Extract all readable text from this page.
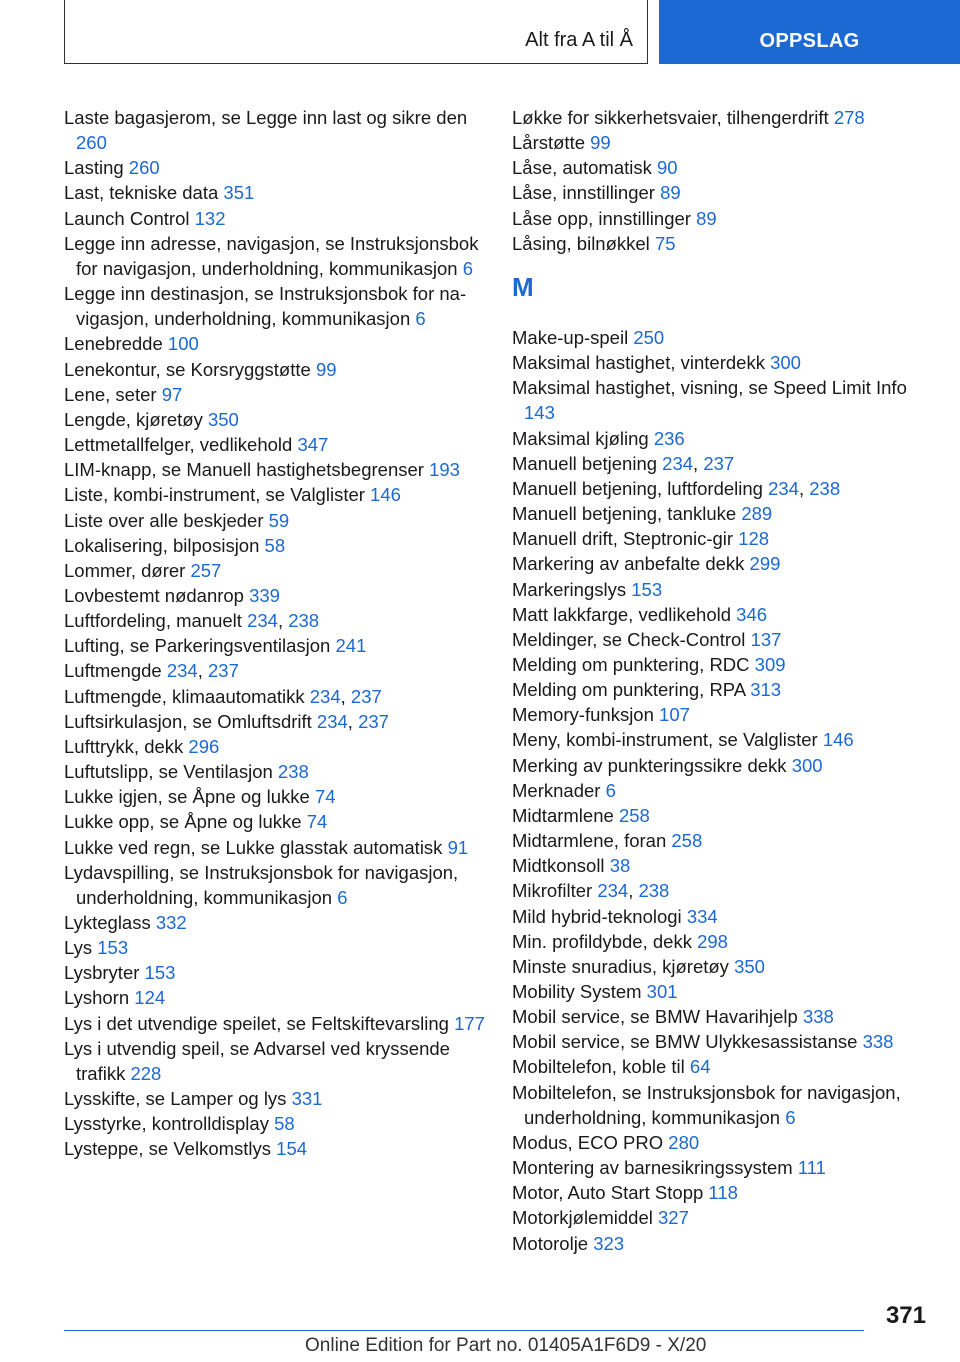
Alt fra A til Å	OPPSLAG
Laste bagasjerom, se Legge inn last og sikre den 260
Lasting 260
Last, tekniske data 351
Launch Control 132
Legge inn adresse, navigasjon, se Instruksjonsbok for navigasjon, underholdning, kommunikasjon 6
Legge inn destinasjon, se Instruksjonsbok for navigasjon, underholdning, kommunikasjon 6
Lenebredde 100
Lenekontur, se Korsryggstøtte 99
Lene, seter 97
Lengde, kjøretøy 350
Lettmetallfelger, vedlikehold 347
LIM-knapp, se Manuell hastighetsbegrenser 193
Liste, kombi-instrument, se Valglister 146
Liste over alle beskjeder 59
Lokalisering, bilposisjon 58
Lommer, dører 257
Lovbestemt nødanrop 339
Luftfordeling, manuelt 234, 238
Lufting, se Parkeringsventilasjon 241
Luftmengde 234, 237
Luftmengde, klimaautomatikk 234, 237
Luftsirkulasjon, se Omluftsdrift 234, 237
Lufttrykk, dekk 296
Luftutslipp, se Ventilasjon 238
Lukke igjen, se Åpne og lukke 74
Lukke opp, se Åpne og lukke 74
Lukke ved regn, se Lukke glasstak automatisk 91
Lydavspilling, se Instruksjonsbok for navigasjon, underholdning, kommunikasjon 6
Lykteglass 332
Lys 153
Lysbryter 153
Lyshorn 124
Lys i det utvendige speilet, se Feltskiftevarsling 177
Lys i utvendig speil, se Advarsel ved kryssende trafikk 228
Lysskifte, se Lamper og lys 331
Lysstyrke, kontrolldisplay 58
Lysteppe, se Velkomstlys 154
Løkke for sikkerhetsvaier, tilhengerdrift 278
Lårstøtte 99
Låse, automatisk 90
Låse, innstillinger 89
Låse opp, innstillinger 89
Låsing, bilnøkkel 75
M
Make-up-speil 250
Maksimal hastighet, vinterdekk 300
Maksimal hastighet, visning, se Speed Limit Info 143
Maksimal kjøling 236
Manuell betjening 234, 237
Manuell betjening, luftfordeling 234, 238
Manuell betjening, tankluke 289
Manuell drift, Steptronic-gir 128
Markering av anbefalte dekk 299
Markeringslys 153
Matt lakkfarge, vedlikehold 346
Meldinger, se Check-Control 137
Melding om punktering, RDC 309
Melding om punktering, RPA 313
Memory-funksjon 107
Meny, kombi-instrument, se Valglister 146
Merking av punkteringssikre dekk 300
Merknader 6
Midtarmlene 258
Midtarmlene, foran 258
Midtkonsoll 38
Mikrofilter 234, 238
Mild hybrid-teknologi 334
Min. profildybde, dekk 298
Minste snuradius, kjøretøy 350
Mobility System 301
Mobil service, se BMW Havarihjelp 338
Mobil service, se BMW Ulykkesassistanse 338
Mobiltelefon, koble til 64
Mobiltelefon, se Instruksjonsbok for navigasjon, underholdning, kommunikasjon 6
Modus, ECO PRO 280
Montering av barnesikringssystem 111
Motor, Auto Start Stopp 118
Motorkjølemiddel 327
Motorolje 323
371
Online Edition for Part no. 01405A1F6D9 - X/20
